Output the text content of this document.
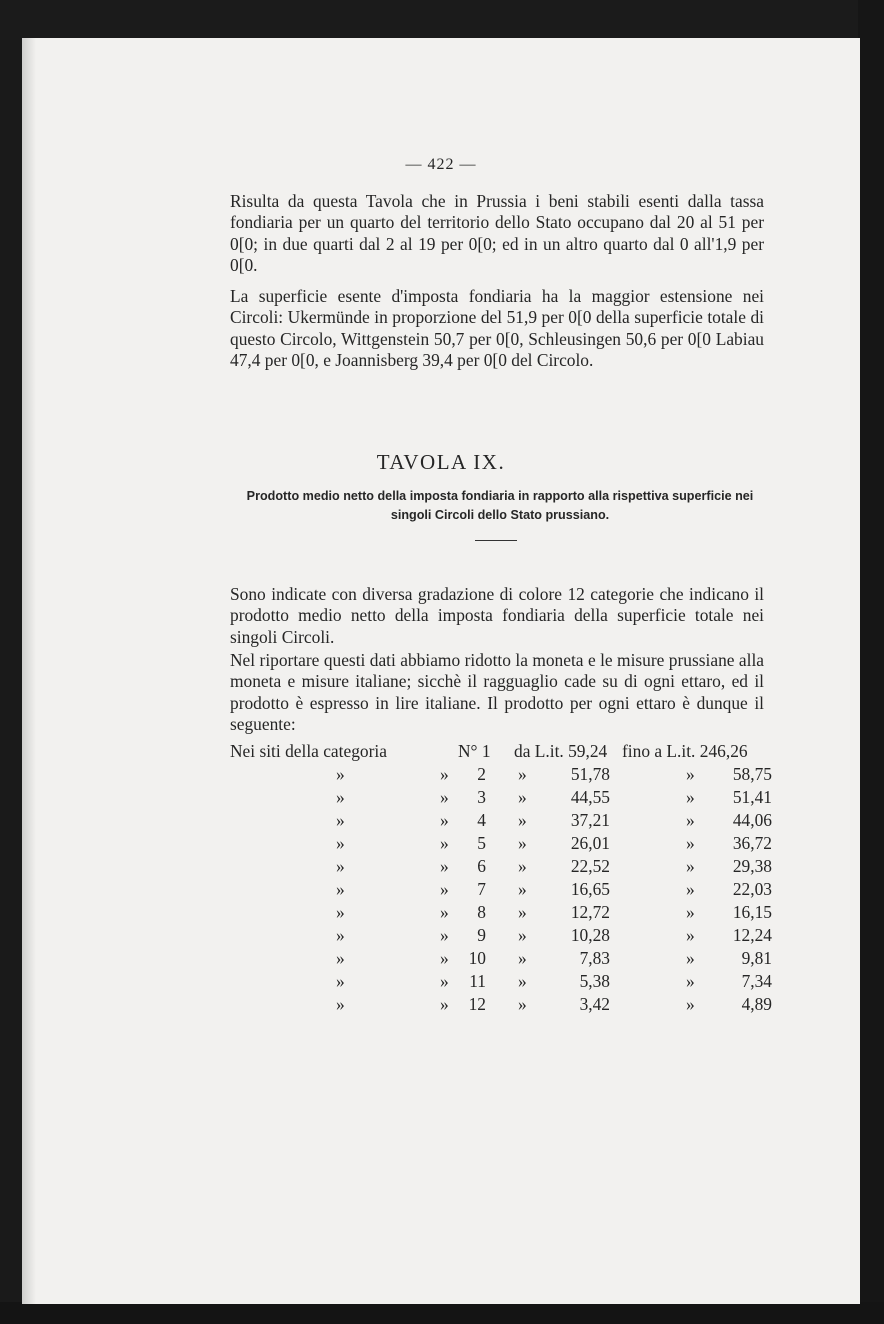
— 422 —

Risulta da questa Tavola che in Prussia i beni stabili esenti dalla tassa fondiaria per un quarto del territorio dello Stato occupano dal 20 al 51 per 0[0; in due quarti dal 2 al 19 per 0[0; ed in un altro quarto dal 0 all'1,9 per 0[0.

La superficie esente d'imposta fondiaria ha la maggior estensione nei Circoli: Ukermünde in proporzione del 51,9 per 0[0 della superficie totale di questo Circolo, Wittgenstein 50,7 per 0[0, Schleusingen 50,6 per 0[0 Labiau 47,4 per 0[0, e Joannisberg 39,4 per 0[0 del Circolo.

TAVOLA IX.
Prodotto medio netto della imposta fondiaria in rapporto alla rispettiva superficie nei singoli Circoli dello Stato prussiano.

Sono indicate con diversa gradazione di colore 12 categorie che indicano il prodotto medio netto della imposta fondiaria della superficie totale nei singoli Circoli.

Nel riportare questi dati abbiamo ridotto la moneta e le misure prussiane alla moneta e misure italiane; sicchè il ragguaglio cade su di ogni ettaro, ed il prodotto è espresso in lire italiane. Il prodotto per ogni ettaro è dunque il seguente:

Nei siti della categoria	N° 1 da L.it. 59,24 fino a L.it. 246,26
»	»	2 »	51,78	»	58,75
»	»	3 »	44,55	»	51,41
»	»	4 »	37,21	»	44,06
»	»	5 »	26,01	»	36,72
»	»	6 »	22,52	»	29,38
»	»	7 »	16,65	»	22,03
»	»	8 »	12,72	»	16,15
»	»	9 »	10,28	»	12,24
»	»	10 »	7,83	»	9,81
»	»	11 »	5,38	»	7,34
»	»	12 »	3,42	»	4,89
